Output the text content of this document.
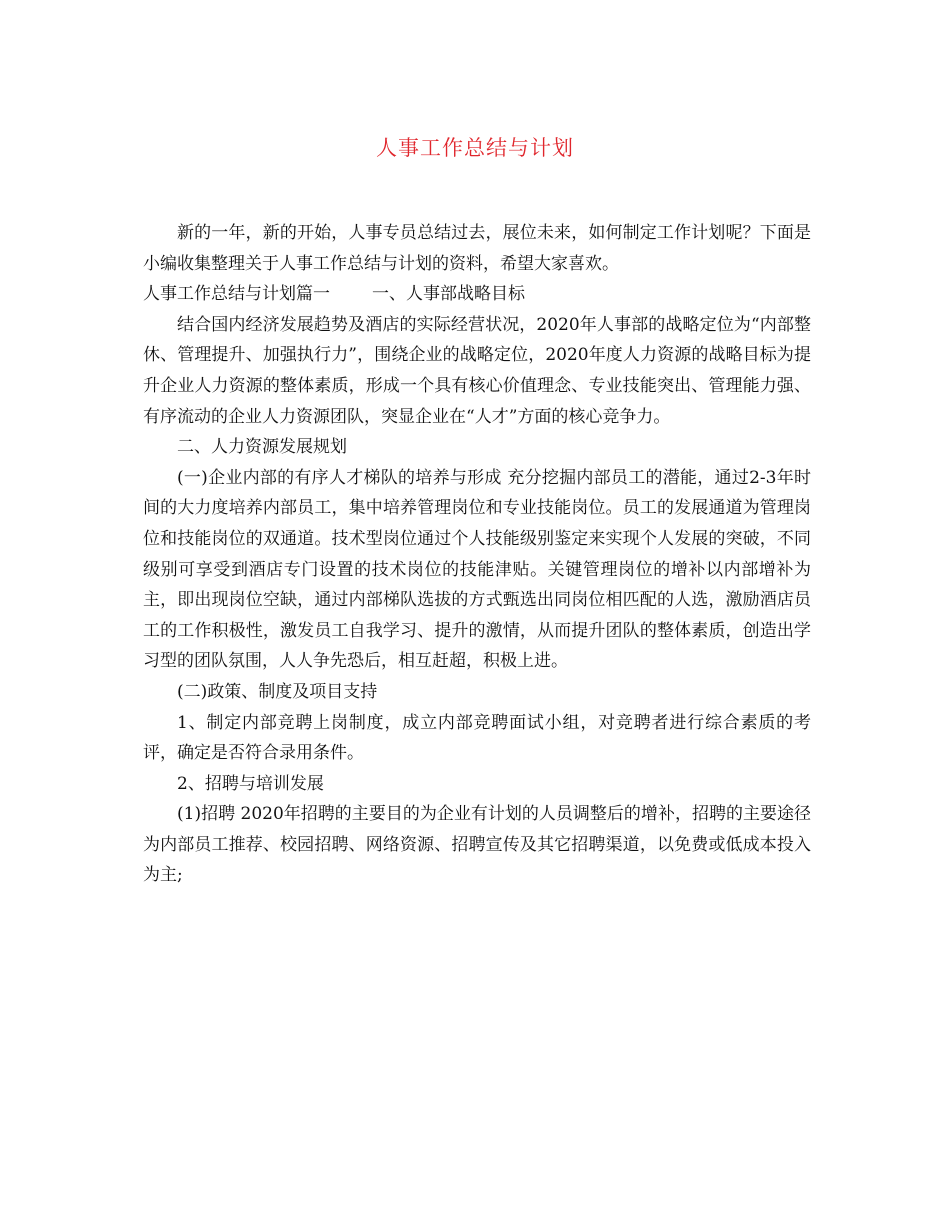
人事工作总结与计划

新的一年，新的开始，人事专员总结过去，展位未来，如何制定工作计划呢？下面是小编收集整理关于人事工作总结与计划的资料，希望大家喜欢。

人事工作总结与计划篇一 一、人事部战略目标

结合国内经济发展趋势及酒店的实际经营状况，2020年人事部的战略定位为“内部整休、管理提升、加强执行力”，围绕企业的战略定位，2020年度人力资源的战略目标为提升企业人力资源的整体素质，形成一个具有核心价值理念、专业技能突出、管理能力强、有序流动的企业人力资源团队，突显企业在“人才”方面的核心竞争力。

二、人力资源发展规划

(一)企业内部的有序人才梯队的培养与形成 充分挖掘内部员工的潜能，通过2-3年时间的大力度培养内部员工，集中培养管理岗位和专业技能岗位。员工的发展通道为管理岗位和技能岗位的双通道。技术型岗位通过个人技能级别鉴定来实现个人发展的突破，不同级别可享受到酒店专门设置的技术岗位的技能津贴。关键管理岗位的增补以内部增补为主，即出现岗位空缺，通过内部梯队选拔的方式甄选出同岗位相匹配的人选，激励酒店员工的工作积极性，激发员工自我学习、提升的激情，从而提升团队的整体素质，创造出学习型的团队氛围，人人争先恐后，相互赶超，积极上进。

(二)政策、制度及项目支持

1、制定内部竞聘上岗制度，成立内部竞聘面试小组，对竞聘者进行综合素质的考评，确定是否符合录用条件。

2、招聘与培训发展

(1)招聘 2020年招聘的主要目的为企业有计划的人员调整后的增补，招聘的主要途径为内部员工推荐、校园招聘、网络资源、招聘宣传及其它招聘渠道，以免费或低成本投入为主;
